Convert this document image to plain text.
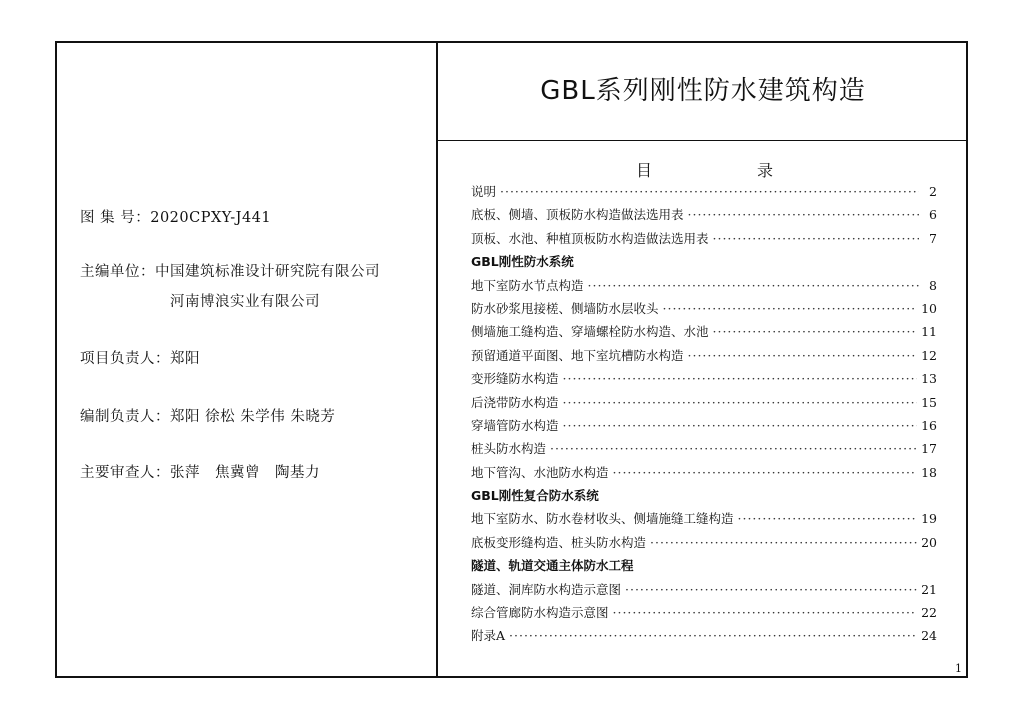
GBL系列刚性防水建筑构造
图 集 号：2020CPXY-J441
主编单位：中国建筑标准设计研究院有限公司
河南博浪实业有限公司
项目负责人：郑阳
编制负责人：郑阳 徐松 朱学伟 朱晓芳
主要审查人：张萍　焦冀曾　陶基力
目	录
说明 ·····	2
底板、侧墙、顶板防水构造做法选用表 ·····	6
顶板、水池、种植顶板防水构造做法选用表 ·····	7
GBL刚性防水系统
地下室防水节点构造 ·····	8
防水砂浆甩接槎、侧墙防水层收头 ·····	10
侧墙施工缝构造、穿墙螺栓防水构造、水池 ·····	11
预留通道平面图、地下室坑槽防水构造 ·····	12
变形缝防水构造 ·····	13
后浇带防水构造 ·····	15
穿墙管防水构造 ·····	16
桩头防水构造 ·····	17
地下管沟、水池防水构造 ·····	18
GBL刚性复合防水系统
地下室防水、防水卷材收头、侧墙施缝工缝构造 ·····	19
底板变形缝构造、桩头防水构造 ·····	20
隧道、轨道交通主体防水工程
隧道、洞库防水构造示意图 ·····	21
综合管廊防水构造示意图 ·····	22
附录A ·····	24
1
